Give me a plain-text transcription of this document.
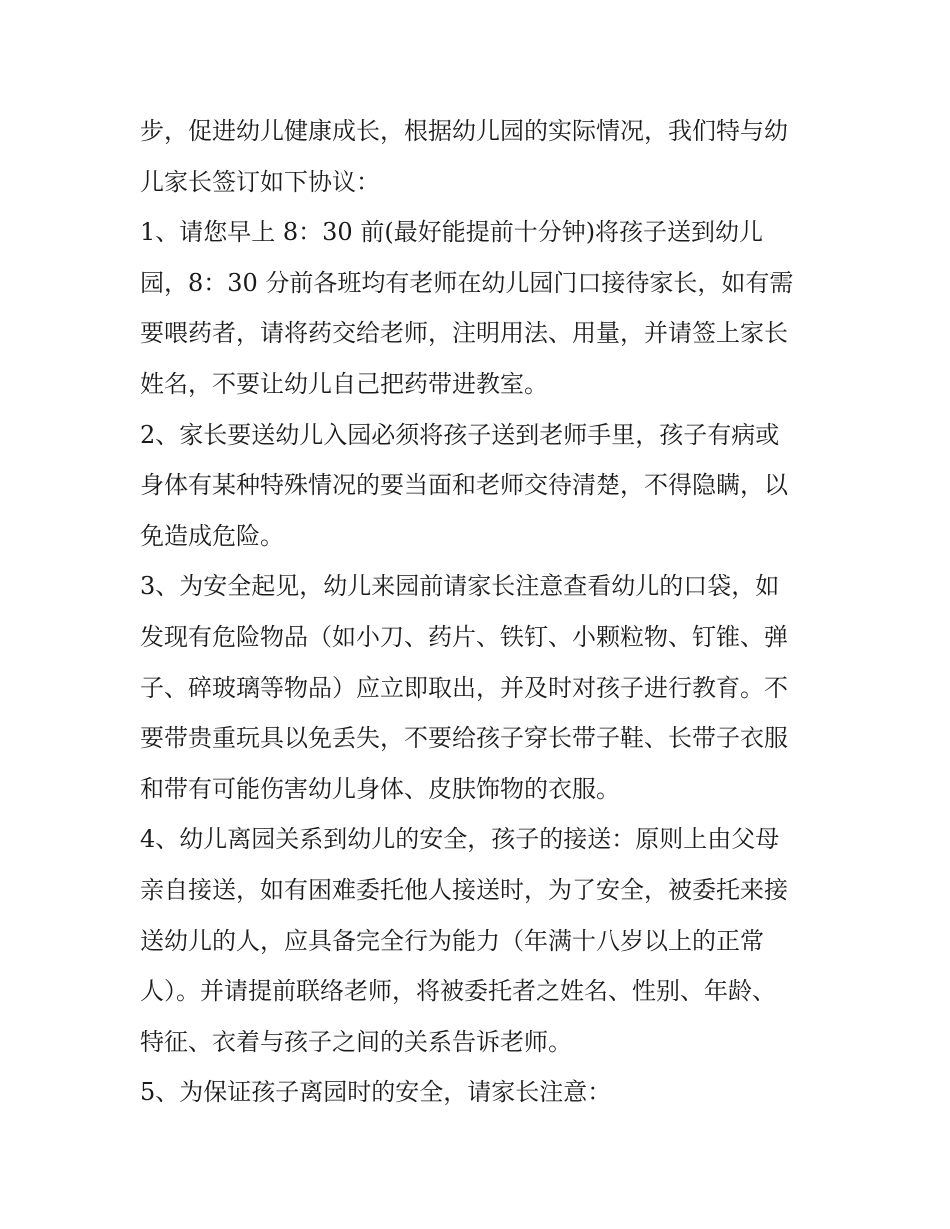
步，促进幼儿健康成长，根据幼儿园的实际情况，我们特与幼
儿家长签订如下协议：
1、请您早上 8：30 前(最好能提前十分钟)将孩子送到幼儿
园，8：30 分前各班均有老师在幼儿园门口接待家长，如有需
要喂药者，请将药交给老师，注明用法、用量，并请签上家长
姓名，不要让幼儿自己把药带进教室。
2、家长要送幼儿入园必须将孩子送到老师手里，孩子有病或
身体有某种特殊情况的要当面和老师交待清楚，不得隐瞒，以
免造成危险。
3、为安全起见，幼儿来园前请家长注意查看幼儿的口袋，如
发现有危险物品（如小刀、药片、铁钉、小颗粒物、钉锥、弹
子、碎玻璃等物品）应立即取出，并及时对孩子进行教育。不
要带贵重玩具以免丢失，不要给孩子穿长带子鞋、长带子衣服
和带有可能伤害幼儿身体、皮肤饰物的衣服。
4、幼儿离园关系到幼儿的安全，孩子的接送：原则上由父母
亲自接送，如有困难委托他人接送时，为了安全，被委托来接
送幼儿的人，应具备完全行为能力（年满十八岁以上的正常
人）。并请提前联络老师，将被委托者之姓名、性别、年龄、
特征、衣着与孩子之间的关系告诉老师。
5、为保证孩子离园时的安全，请家长注意：
